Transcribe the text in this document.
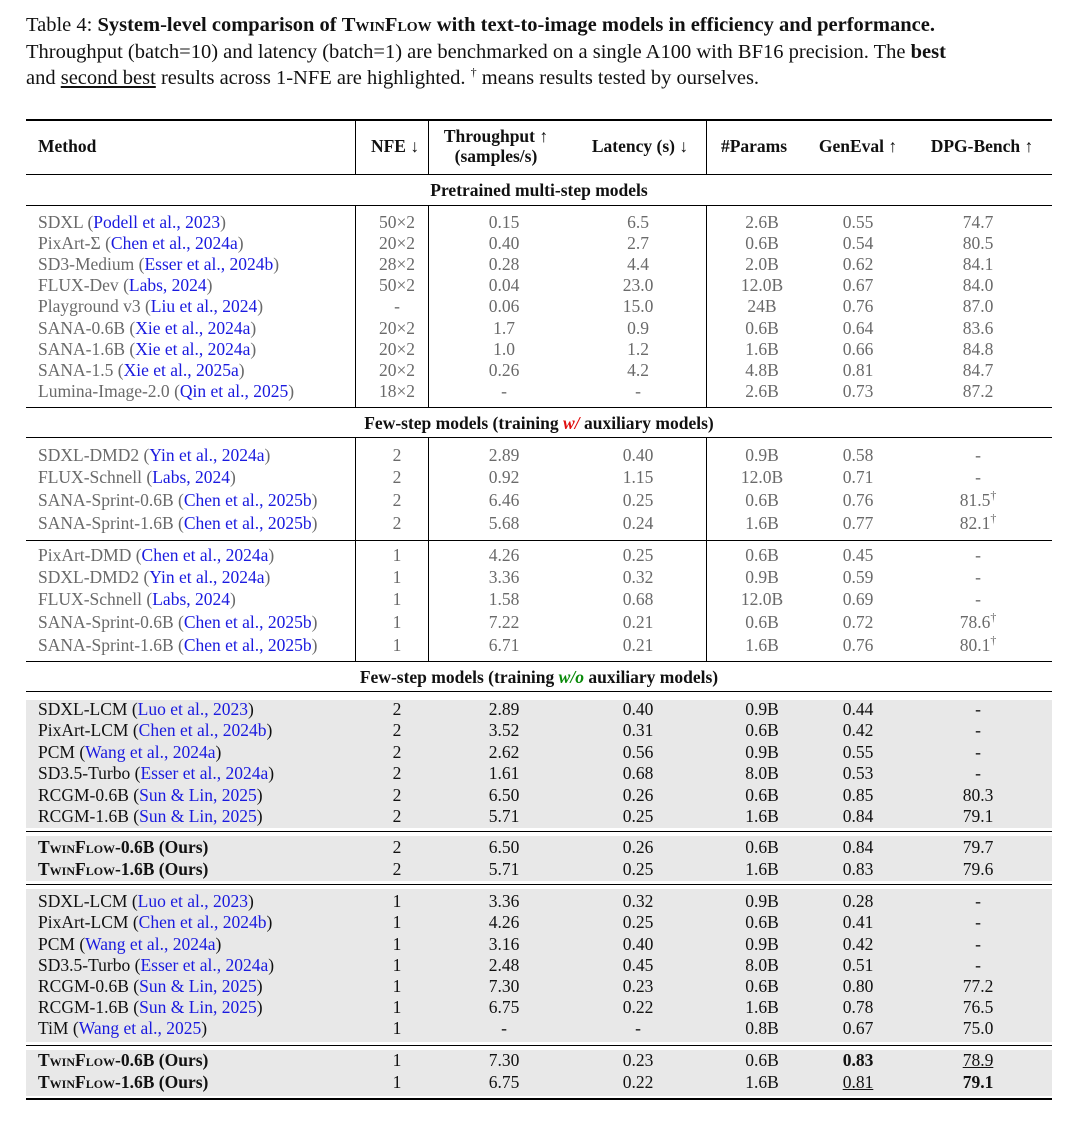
Table 4: System-level comparison of TwinFlow with text-to-image models in efficiency and performance.
Throughput (batch=10) and latency (batch=1) are benchmarked on a single A100 with BF16 precision. The best
and second best results across 1-NFE are highlighted. † means results tested by ourselves.
Method	NFE ↓	Throughput ↑
(samples/s)	Latency (s) ↓	#Params	GenEval ↑	DPG-Bench ↑
Pretrained multi-step models
Few-step models (training w/ auxiliary models)
Few-step models (training w/o auxiliary models)
SDXL (Podell et al., 2023)	50×2	0.15	6.5	2.6B	0.55	74.7
PixArt-Σ (Chen et al., 2024a)	20×2	0.40	2.7	0.6B	0.54	80.5
SD3-Medium (Esser et al., 2024b)	28×2	0.28	4.4	2.0B	0.62	84.1
FLUX-Dev (Labs, 2024)	50×2	0.04	23.0	12.0B	0.67	84.0
Playground v3 (Liu et al., 2024)	-	0.06	15.0	24B	0.76	87.0
SANA-0.6B (Xie et al., 2024a)	20×2	1.7	0.9	0.6B	0.64	83.6
SANA-1.6B (Xie et al., 2024a)	20×2	1.0	1.2	1.6B	0.66	84.8
SANA-1.5 (Xie et al., 2025a)	20×2	0.26	4.2	4.8B	0.81	84.7
Lumina-Image-2.0 (Qin et al., 2025)	18×2	-	-	2.6B	0.73	87.2
SDXL-DMD2 (Yin et al., 2024a)	2	2.89	0.40	0.9B	0.58	-
FLUX-Schnell (Labs, 2024)	2	0.92	1.15	12.0B	0.71	-
SANA-Sprint-0.6B (Chen et al., 2025b)	2	6.46	0.25	0.6B	0.76	81.5†
SANA-Sprint-1.6B (Chen et al., 2025b)	2	5.68	0.24	1.6B	0.77	82.1†
PixArt-DMD (Chen et al., 2024a)	1	4.26	0.25	0.6B	0.45	-
SDXL-DMD2 (Yin et al., 2024a)	1	3.36	0.32	0.9B	0.59	-
FLUX-Schnell (Labs, 2024)	1	1.58	0.68	12.0B	0.69	-
SANA-Sprint-0.6B (Chen et al., 2025b)	1	7.22	0.21	0.6B	0.72	78.6†
SANA-Sprint-1.6B (Chen et al., 2025b)	1	6.71	0.21	1.6B	0.76	80.1†
SDXL-LCM (Luo et al., 2023)	2	2.89	0.40	0.9B	0.44	-
PixArt-LCM (Chen et al., 2024b)	2	3.52	0.31	0.6B	0.42	-
PCM (Wang et al., 2024a)	2	2.62	0.56	0.9B	0.55	-
SD3.5-Turbo (Esser et al., 2024a)	2	1.61	0.68	8.0B	0.53	-
RCGM-0.6B (Sun & Lin, 2025)	2	6.50	0.26	0.6B	0.85	80.3
RCGM-1.6B (Sun & Lin, 2025)	2	5.71	0.25	1.6B	0.84	79.1
TwinFlow-0.6B (Ours)	2	6.50	0.26	0.6B	0.84	79.7
TwinFlow-1.6B (Ours)	2	5.71	0.25	1.6B	0.83	79.6
SDXL-LCM (Luo et al., 2023)	1	3.36	0.32	0.9B	0.28	-
PixArt-LCM (Chen et al., 2024b)	1	4.26	0.25	0.6B	0.41	-
PCM (Wang et al., 2024a)	1	3.16	0.40	0.9B	0.42	-
SD3.5-Turbo (Esser et al., 2024a)	1	2.48	0.45	8.0B	0.51	-
RCGM-0.6B (Sun & Lin, 2025)	1	7.30	0.23	0.6B	0.80	77.2
RCGM-1.6B (Sun & Lin, 2025)	1	6.75	0.22	1.6B	0.78	76.5
TiM (Wang et al., 2025)	1	-	-	0.8B	0.67	75.0
TwinFlow-0.6B (Ours)	1	7.30	0.23	0.6B	0.83	78.9
TwinFlow-1.6B (Ours)	1	6.75	0.22	1.6B	0.81	79.1
